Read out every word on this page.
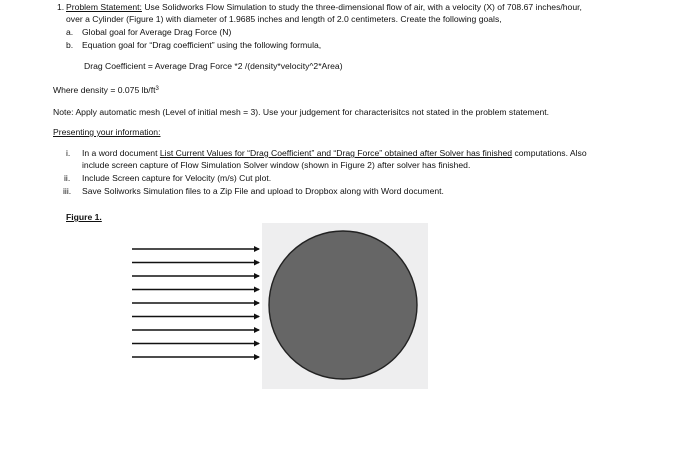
1. Problem Statement: Use Solidworks Flow Simulation to study the three-dimensional flow of air, with a velocity (X) of 708.67 inches/hour,
over a Cylinder (Figure 1) with diameter of 1.9685 inches and length of 2.0 centimeters. Create the following goals,
a. Global goal for Average Drag Force (N)
b. Equation goal for “Drag coefficient” using the following formula,
Drag Coefficient = Average Drag Force *2 /(density*velocity^2*Area)
Where density = 0.075 $lb/ft^3$
Note: Apply automatic mesh (Level of initial mesh = 3). Use your judgement for characterisitcs not stated in the problem statement.
Presenting your information:
i. In a word document List Current Values for “Drag Coefficient” and “Drag Force” obtained after Solver has finished computations. Also
include screen capture of Flow Simulation Solver window (shown in Figure 2) after solver has finished.
ii. Include Screen capture for Velocity (m/s) Cut plot.
iii. Save Soliworks Simulation files to a Zip File and upload to Dropbox along with Word document.
Figure 1.
